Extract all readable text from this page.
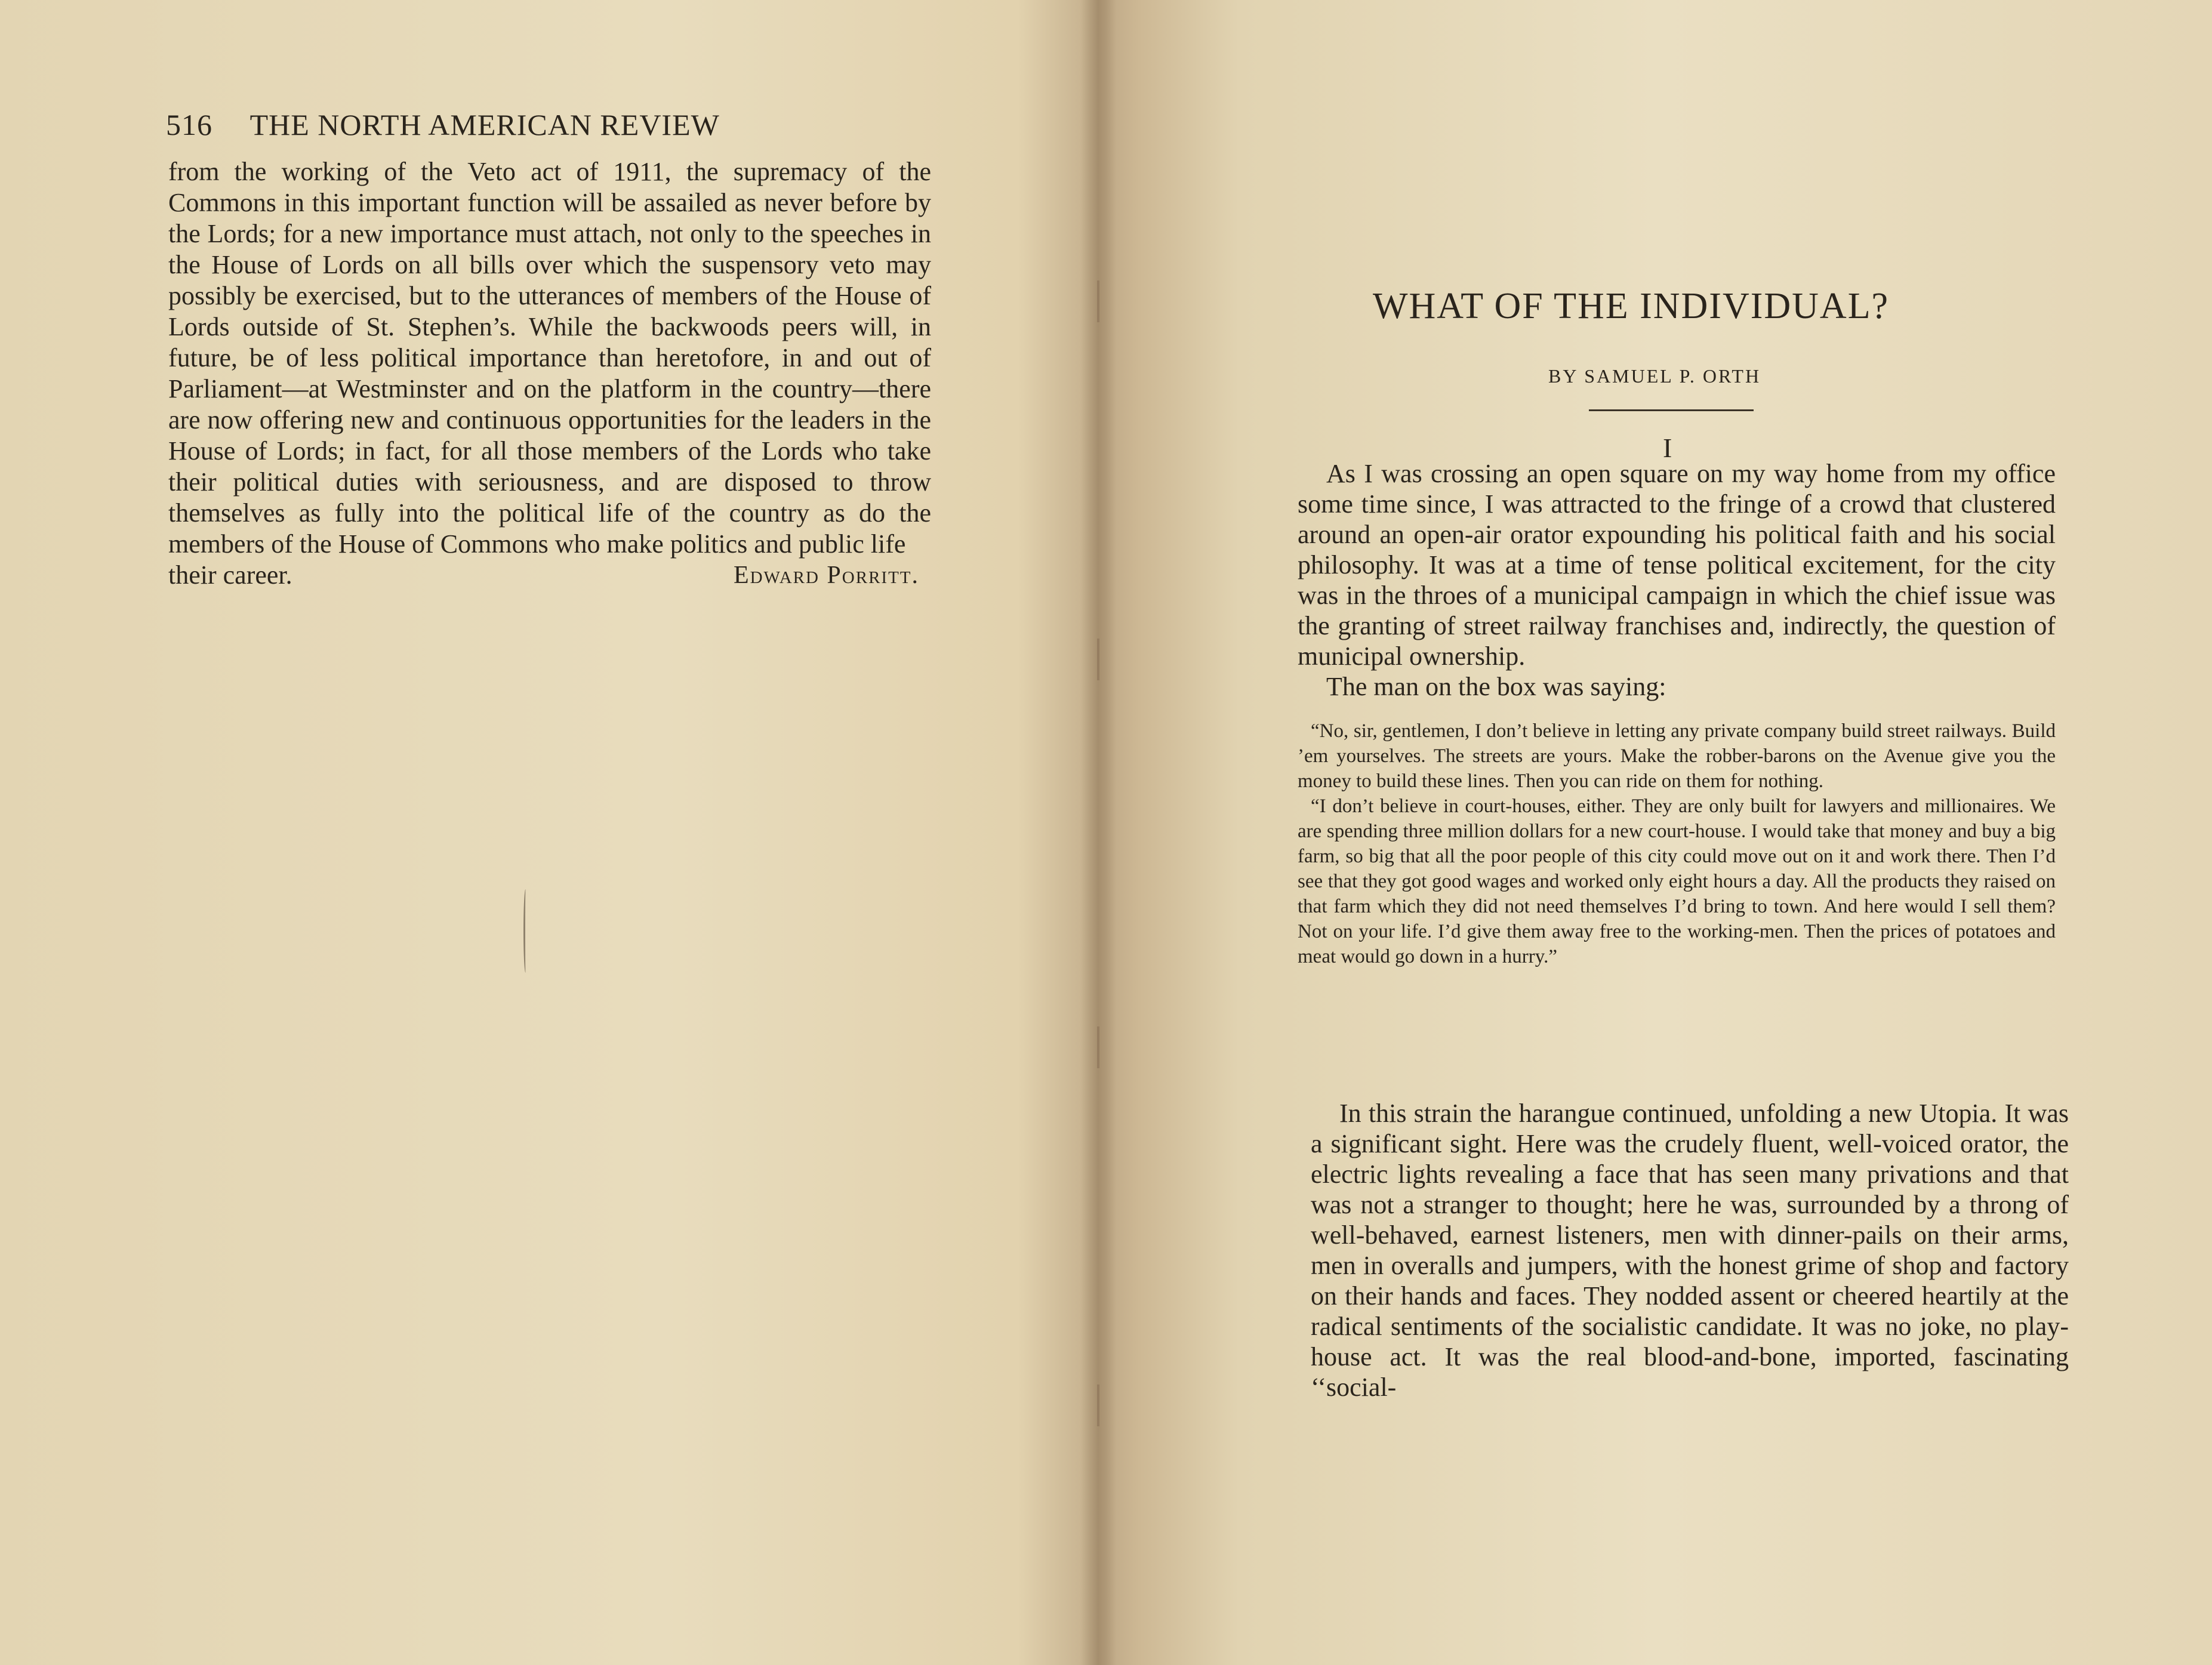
516 THE NORTH AMERICAN REVIEW

from the working of the Veto act of 1911, the supremacy of the Commons in this important function will be assailed as never before by the Lords; for a new importance must attach, not only to the speeches in the House of Lords on all bills over which the suspensory veto may possibly be exercised, but to the utterances of members of the House of Lords outside of St. Stephen’s. While the backwoods peers will, in future, be of less political importance than heretofore, in and out of Parliament—at Westminster and on the platform in the country—there are now offering new and continuous opportunities for the leaders in the House of Lords; in fact, for all those members of the Lords who take their political duties with seriousness, and are disposed to throw themselves as fully into the political life of the country as do the members of the House of Commons who make politics and public life

their career.	Edward Porritt.
WHAT OF THE INDIVIDUAL?
BY SAMUEL P. ORTH
I

As I was crossing an open square on my way home from my office some time since, I was attracted to the fringe of a crowd that clustered around an open-air orator expounding his political faith and his social philosophy. It was at a time of tense political excitement, for the city was in the throes of a municipal campaign in which the chief issue was the granting of street railway franchises and, indirectly, the question of municipal ownership.

The man on the box was saying:

“No, sir, gentlemen, I don’t believe in letting any private company build street railways. Build ’em yourselves. The streets are yours. Make the robber-barons on the Avenue give you the money to build these lines. Then you can ride on them for nothing.

“I don’t believe in court-houses, either. They are only built for lawyers and millionaires. We are spending three million dollars for a new court-house. I would take that money and buy a big farm, so big that all the poor people of this city could move out on it and work there. Then I’d see that they got good wages and worked only eight hours a day. All the products they raised on that farm which they did not need themselves I’d bring to town. And here would I sell them? Not on your life. I’d give them away free to the working-men. Then the prices of potatoes and meat would go down in a hurry.”

In this strain the harangue continued, unfolding a new Utopia. It was a significant sight. Here was the crudely fluent, well-voiced orator, the electric lights revealing a face that has seen many privations and that was not a stranger to thought; here he was, surrounded by a throng of well-behaved, earnest listeners, men with dinner-pails on their arms, men in overalls and jumpers, with the honest grime of shop and factory on their hands and faces. They nodded assent or cheered heartily at the radical sentiments of the socialistic candidate. It was no joke, no play-house act. It was the real blood-and-bone, imported, fascinating ‘‘social-
